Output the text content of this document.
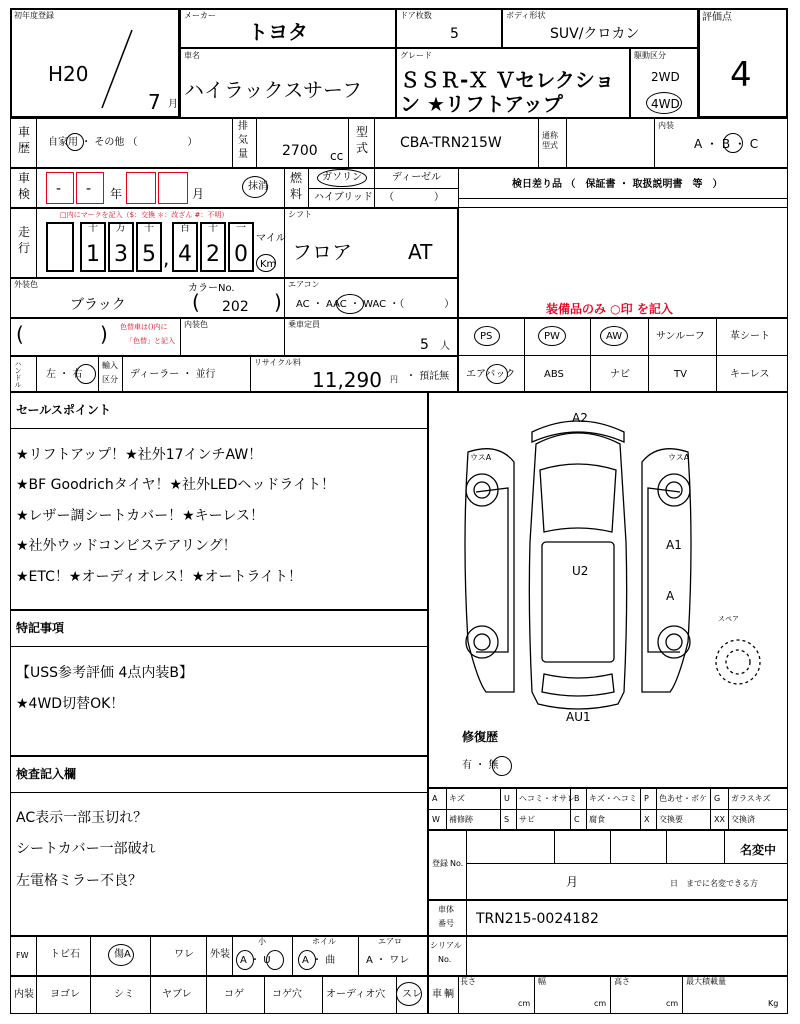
初年度登録
H20
7 月
メーカー
トヨタ
ドア枚数
5
ボディ形状
SUV/クロカン
評価点
4
車名
ハイラックスサーフ
グレード
ＳＳＲ-Ｘ Ｖセレクショ
ン ★リフトアップ
駆動区分
2WD
4WD
車
歴 自家用 ・ その他 （　　　　　）
排
気
量 2700 cc
型
式 CBA-TRN215W	通称
型式
内装
A ・ B ・ C
車
検 - - 年	月
抹消
燃
料
ガソリン	ディーゼル
ハイブリッド （　　　　）
検日差り品 （　保証書 ・ 取扱説明書　等　）
走
行
□内にマークを記入（$：交換 ＊：改ざん #：不明）
十 万 千	百 十 一
1 3 5 , 4 2 0
マイル
Km
シフト
フロア	AT
外装色
ブラック
カラーNo.
( 202 )
エアコン
AC ・ AAC ・ WAC ・（　　　　）	装備品のみ ○印 を記入
(	) 色替車は()内に
「色替」と記入
内装色	乗車定員
5 人
ハンドル 左 ・ 右
輸入
区分 ディーラー ・ 並行
リサイクル料
11,290 円 ・ 預託無
PS	PW	AW	サンルーフ	革シート
エアバック	ABS	ナビ	TV	キーレス
セールスポイント
★リフトアップ！★社外17インチAW！
★BF Goodrichタイヤ！★社外LEDヘッドライト！
★レザー調シートカバー！★キーレス！
★社外ウッドコンビステアリング！
★ETC！★オーディオレス！★オートライト！
特記事項
【USS参考評価 4点内装B】
★4WD切替OK！
検査記入欄
AC表示一部玉切れ？
シートカバー一部破れ
左電格ミラー不良？
A2
ウスA	ウスA
A1
A
U2
AU1
スペア
修復歴
有 ・ 無
登録 No.
名変中
月	日　までに名変できる方
車体
番号 TRN215-0024182
FW トビ石	傷A	ワレ 外装
小
A ・ U
ホイル
A ・ 曲
エアロ
A ・ ワレ
シリアル
No.
内装 ヨゴレ	シミ	ヤブレ	コゲ	コゲ穴 オーディオ穴 スレ 車 輌
長さ
cm
幅
cm
高さ
cm
最大積載量
Kg
A キズ	U ヘコミ・オサレ B キズ・ヘコミ P 色あせ・ボケ G ガラスキズ
W 補修跡	S サビ	C 腐食	X 交換要	XX 交換済
